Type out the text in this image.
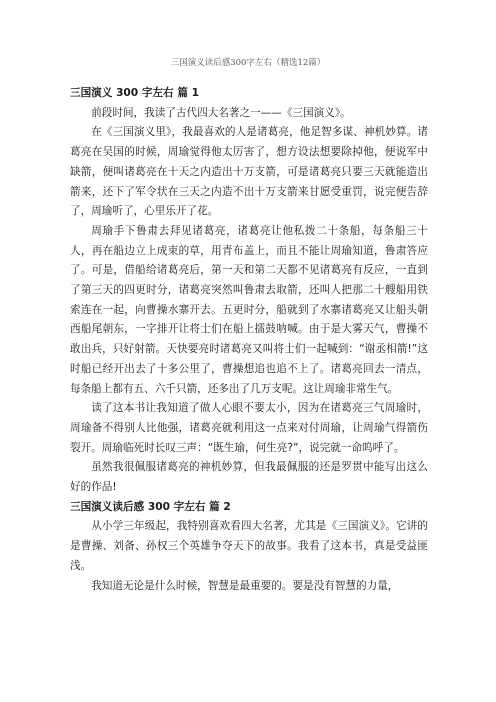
三国演义读后感300字左右（精选12篇）
三国演义 300 字左右 篇 1

前段时间，我读了古代四大名著之一——《三国演义》。

在《三国演义里》，我最喜欢的人是诸葛亮，他足智多谋、神机妙算。诸葛亮在吴国的时候，周瑜觉得他太厉害了，想方设法想要除掉他，便说军中缺箭，便叫诸葛亮在十天之内造出十万支箭，可是诸葛亮只要三天就能造出箭来，还下了军令状在三天之内造不出十万支箭来甘愿受重罚，说完便告辞了，周瑜听了，心里乐开了花。

周瑜手下鲁肃去拜见诸葛亮，诸葛亮让他私拨二十条船，每条船三十人，再在船边立上成束的草，用青布盖上，而且不能让周瑜知道，鲁肃答应了。可是，借船给诸葛亮后，第一天和第二天都不见诸葛亮有反应，一直到了第三天的四更时分，诸葛亮突然叫鲁肃去取箭，还叫人把那二十艘船用铁索连在一起，向曹操水寨开去。五更时分，船就到了水寨诸葛亮又让船头朝西船尾朝东，一字排开让将士们在船上擂鼓呐喊。由于是大雾天气，曹操不敢出兵，只好射箭。天快要亮时诸葛亮又叫将士们一起喊到：“谢丞相箭!”这时船已经开出去了十多公里了，曹操想追也追不上了。诸葛亮回去一清点，每条船上都有五、六千只箭，还多出了几万支呢。这让周瑜非常生气。

读了这本书让我知道了做人心眼不要太小，因为在诸葛亮三气周瑜时，周瑜备不得别人比他强，诸葛亮就利用这一点来对付周瑜，让周瑜气得箭伤裂开。周瑜临死时长叹三声：“既生瑜，何生亮?”，说完就一命呜呼了。

虽然我很佩服诸葛亮的神机妙算，但我最佩服的还是罗贯中能写出这么好的作品!

三国演义读后感 300 字左右 篇 2

从小学三年级起，我特别喜欢看四大名著，尤其是《三国演义》。它讲的是曹操、刘备、孙权三个英雄争夺天下的故事。我看了这本书，真是受益匪浅。

我知道无论是什么时候，智慧是最重要的。要是没有智慧的力量，
